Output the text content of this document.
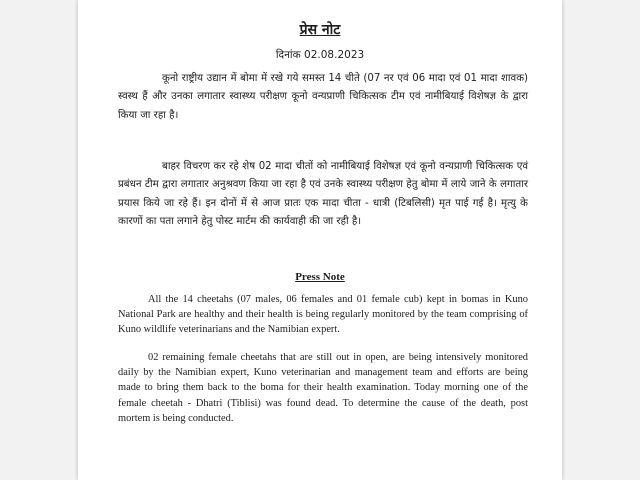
प्रेस नोट
दिनांक 02.08.2023

कूनो राष्ट्रीय उद्यान में बोमा में रखे गये समस्त 14 चीते (07 नर एवं 06 मादा एवं 01 मादा शावक) स्वस्थ हैं और उनका लगातार स्वास्थ्य परीक्षण कूनो वन्यप्राणी चिकित्सक टीम एवं नामीबियाई विशेषज्ञ के द्वारा किया जा रहा है।

बाहर विचरण कर रहे शेष 02 मादा चीतों को नामीबियाई विशेषज्ञ एवं कूनो वन्यप्राणी चिकित्सक एवं प्रबंधन टीम द्वारा लगातार अनुश्रवण किया जा रहा है एवं उनके स्वास्थ्य परीक्षण हेतु बोमा में लाये जाने के लगातार प्रयास किये जा रहे हैं। इन दोनों में से आज प्रातः एक मादा चीता - धात्री (टिबलिसी) मृत पाई गई है। मृत्यु के कारणों का पता लगाने हेतु पोस्ट मार्टम की कार्यवाही की जा रही है।

Press Note

All the 14 cheetahs (07 males, 06 females and 01 female cub) kept in bomas in Kuno National Park are healthy and their health is being regularly monitored by the team comprising of Kuno wildlife veterinarians and the Namibian expert.

02 remaining female cheetahs that are still out in open, are being intensively monitored daily by the Namibian expert, Kuno veterinarian and management team and efforts are being made to bring them back to the boma for their health examination. Today morning one of the female cheetah - Dhatri (Tiblisi) was found dead. To determine the cause of the death, post mortem is being conducted.
